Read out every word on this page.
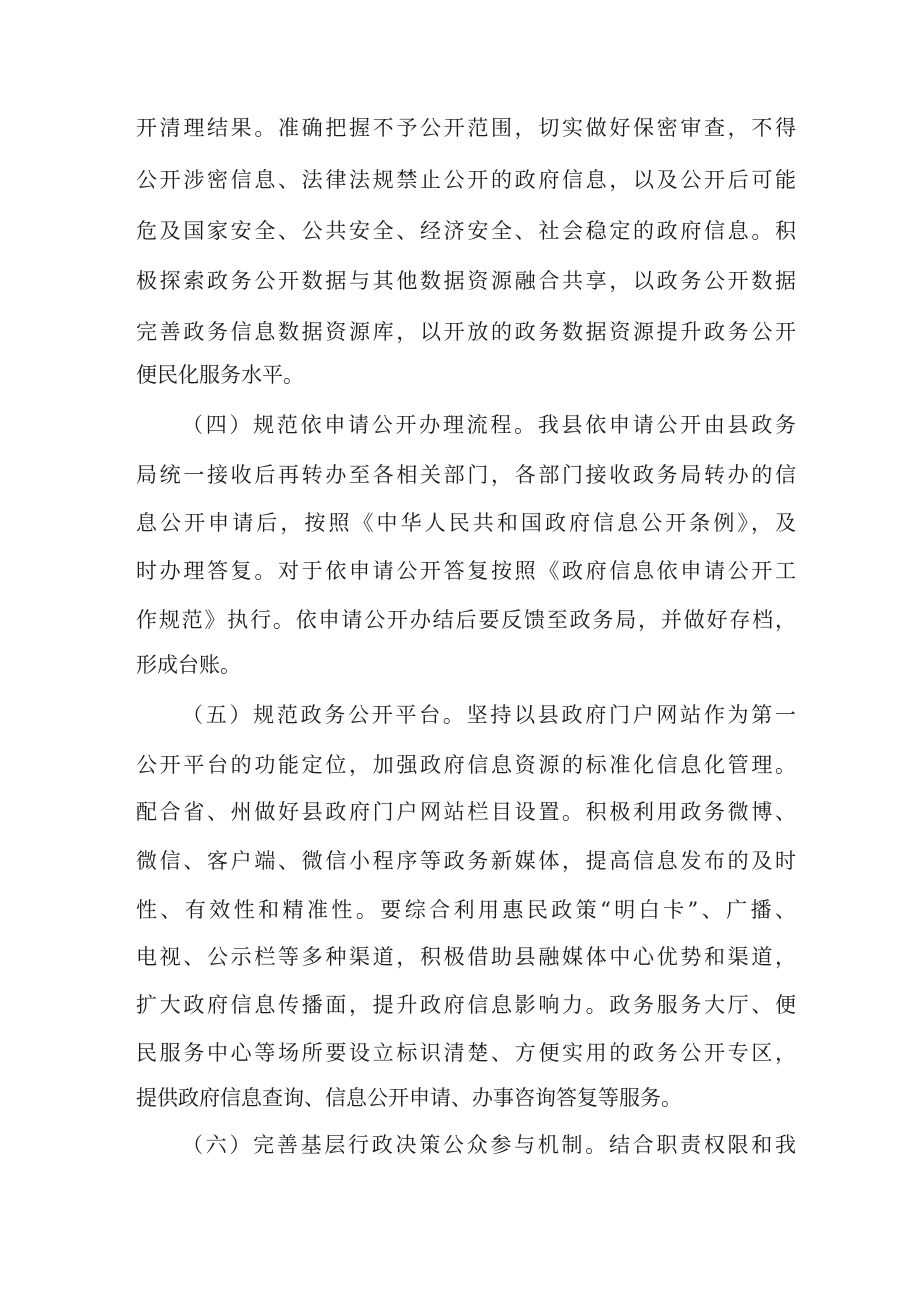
开清理结果。准确把握不予公开范围，切实做好保密审查，不得
公开涉密信息、法律法规禁止公开的政府信息，以及公开后可能
危及国家安全、公共安全、经济安全、社会稳定的政府信息。积
极探索政务公开数据与其他数据资源融合共享，以政务公开数据
完善政务信息数据资源库，以开放的政务数据资源提升政务公开
便民化服务水平。
（四）规范依申请公开办理流程。我县依申请公开由县政务
局统一接收后再转办至各相关部门，各部门接收政务局转办的信
息公开申请后，按照《中华人民共和国政府信息公开条例》，及
时办理答复。对于依申请公开答复按照《政府信息依申请公开工
作规范》执行。依申请公开办结后要反馈至政务局，并做好存档，
形成台账。
（五）规范政务公开平台。坚持以县政府门户网站作为第一
公开平台的功能定位，加强政府信息资源的标准化信息化管理。
配合省、州做好县政府门户网站栏目设置。积极利用政务微博、
微信、客户端、微信小程序等政务新媒体，提高信息发布的及时
性、有效性和精准性。要综合利用惠民政策“明白卡”、广播、
电视、公示栏等多种渠道，积极借助县融媒体中心优势和渠道，
扩大政府信息传播面，提升政府信息影响力。政务服务大厅、便
民服务中心等场所要设立标识清楚、方便实用的政务公开专区，
提供政府信息查询、信息公开申请、办事咨询答复等服务。
（六）完善基层行政决策公众参与机制。结合职责权限和我
